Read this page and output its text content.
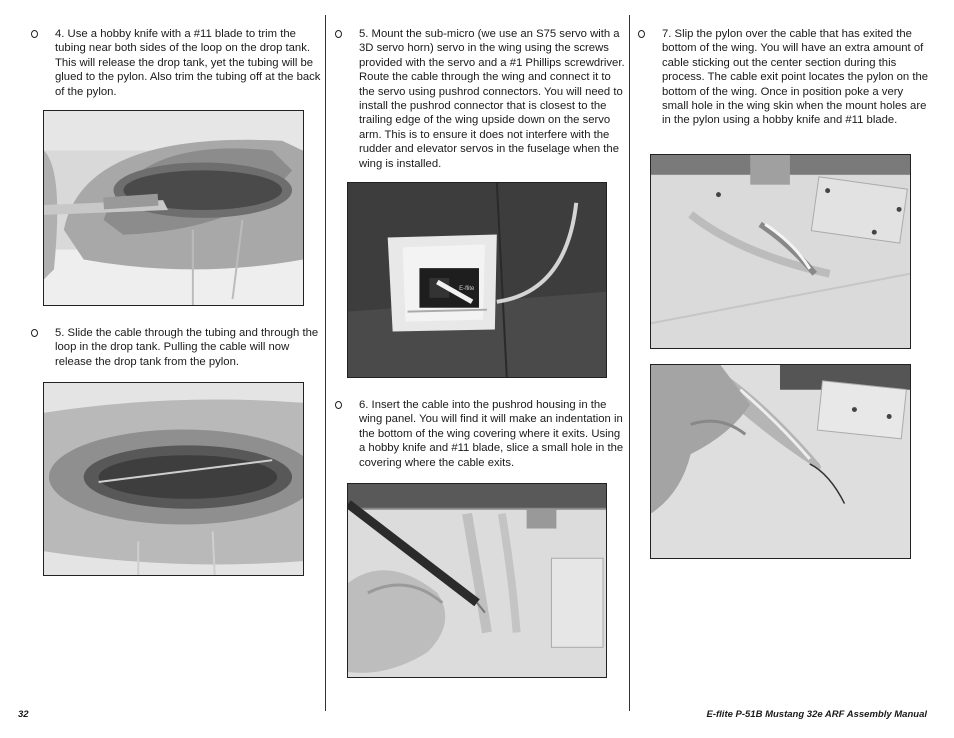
4. Use a hobby knife with a #11 blade to trim the tubing near both sides of the loop on the drop tank. This will release the drop tank, yet the tubing will be glued to the pylon. Also trim the tubing off at the back of the pylon.
5. Slide the cable through the tubing and through the loop in the drop tank. Pulling the cable will now release the drop tank from the pylon.
5. Mount the sub-micro (we use an S75 servo with a 3D servo horn) servo in the wing using the screws provided with the servo and a #1 Phillips screwdriver. Route the cable through the wing and connect it to the servo using pushrod connectors. You will need to install the pushrod connector that is closest to the trailing edge of the wing upside down on the servo arm. This is to ensure it does not interfere with the rudder and elevator servos in the fuselage when the wing is installed.
E-flite
6. Insert the cable into the pushrod housing in the wing panel. You will find it will make an indentation in the bottom of the wing covering where it exits. Using a hobby knife and #11 blade, slice a small hole in the covering where the cable exits.
7. Slip the pylon over the cable that has exited the bottom of the wing. You will have an extra amount of cable sticking out the center section during this process. The cable exit point locates the pylon on the bottom of the wing. Once in position poke a very small hole in the wing skin when the mount holes are in the pylon using a hobby knife and #11 blade.
32	E-flite P-51B Mustang 32e ARF Assembly Manual
